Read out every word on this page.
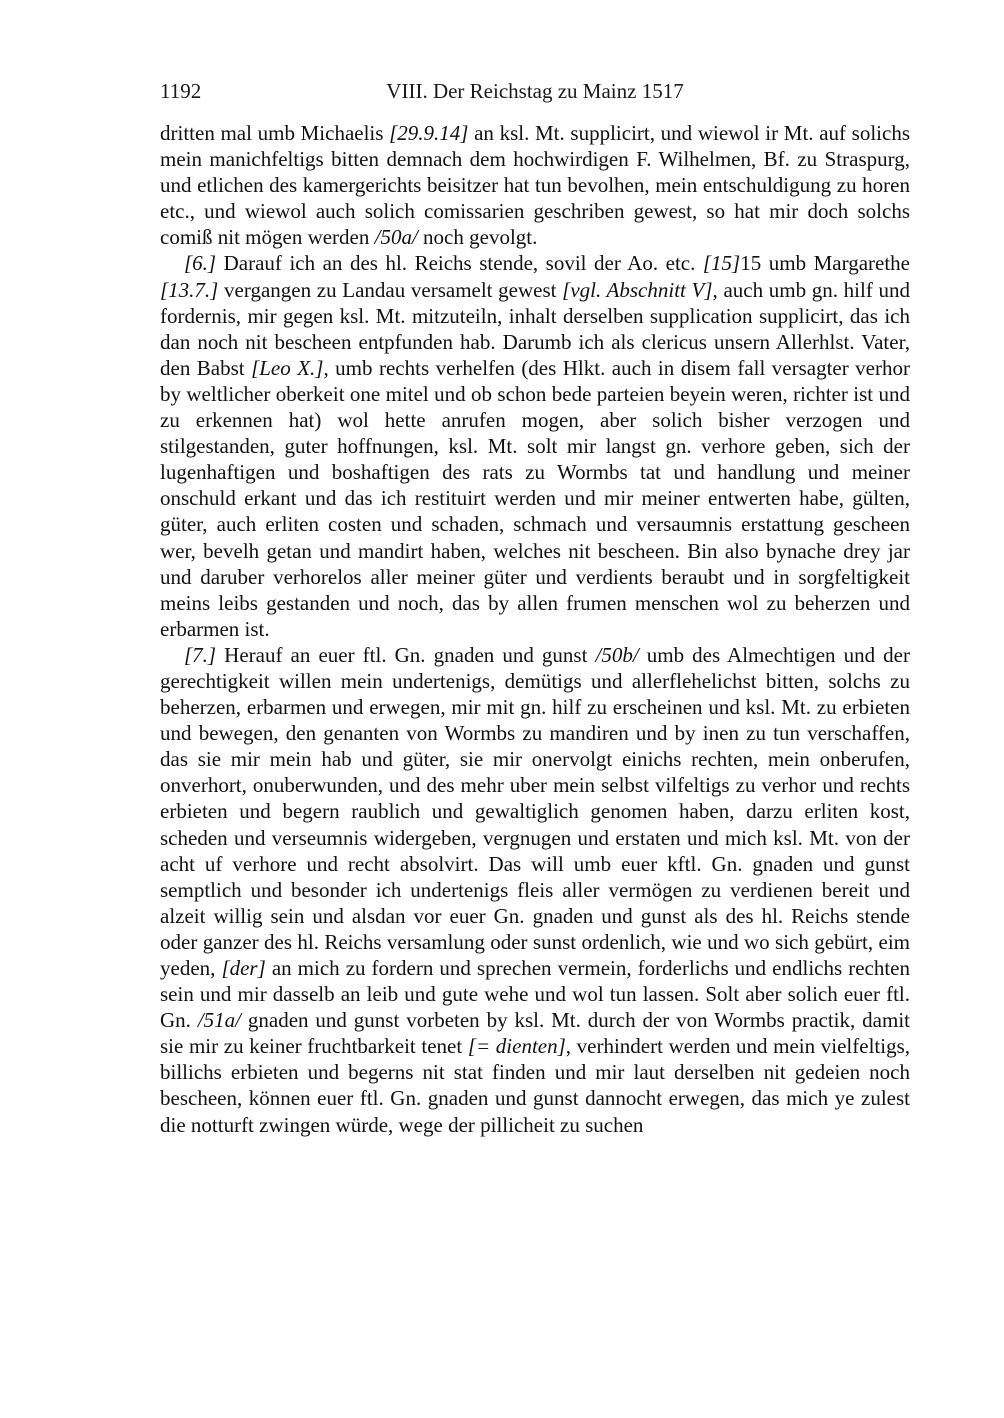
1192	VIII. Der Reichstag zu Mainz 1517

dritten mal umb Michaelis [29.9.14] an ksl. Mt. supplicirt, und wiewol ir Mt. auf solichs mein manichfeltigs bitten demnach dem hochwirdigen F. Wilhelmen, Bf. zu Straspurg, und etlichen des kamergerichts beisitzer hat tun bevolhen, mein entschuldigung zu horen etc., und wiewol auch solich comissarien geschriben gewest, so hat mir doch solchs comiß nit mögen werden /50a/ noch gevolgt.

[6.] Darauf ich an des hl. Reichs stende, sovil der Ao. etc. [15]15 umb Margarethe [13.7.] vergangen zu Landau versamelt gewest [vgl. Abschnitt V], auch umb gn. hilf und fordernis, mir gegen ksl. Mt. mitzuteiln, inhalt derselben supplication supplicirt, das ich dan noch nit bescheen entpfunden hab. Darumb ich als clericus unsern Allerhlst. Vater, den Babst [Leo X.], umb rechts verhelfen (des Hlkt. auch in disem fall versagter verhor by weltlicher oberkeit one mitel und ob schon bede parteien beyein weren, richter ist und zu erkennen hat) wol hette anrufen mogen, aber solich bisher verzogen und stilgestanden, guter hoffnungen, ksl. Mt. solt mir langst gn. verhore geben, sich der lugenhaftigen und boshaftigen des rats zu Wormbs tat und handlung und meiner onschuld erkant und das ich restituirt werden und mir meiner entwerten habe, gülten, güter, auch erliten costen und schaden, schmach und versaumnis erstattung gescheen wer, bevelh getan und mandirt haben, welches nit bescheen. Bin also bynache drey jar und daruber verhorelos aller meiner güter und verdients beraubt und in sorgfeltigkeit meins leibs gestanden und noch, das by allen frumen menschen wol zu beherzen und erbarmen ist.

[7.] Herauf an euer ftl. Gn. gnaden und gunst /50b/ umb des Almechtigen und der gerechtigkeit willen mein undertenigs, demütigs und allerflehelichst bitten, solchs zu beherzen, erbarmen und erwegen, mir mit gn. hilf zu erscheinen und ksl. Mt. zu erbieten und bewegen, den genanten von Wormbs zu mandiren und by inen zu tun verschaffen, das sie mir mein hab und güter, sie mir onervolgt einichs rechten, mein onberufen, onverhort, onuberwunden, und des mehr uber mein selbst vilfeltigs zu verhor und rechts erbieten und begern raublich und gewaltiglich genomen haben, darzu erliten kost, scheden und verseumnis widergeben, vergnugen und erstaten und mich ksl. Mt. von der acht uf verhore und recht absolvirt. Das will umb euer kftl. Gn. gnaden und gunst semptlich und besonder ich undertenigs fleis aller vermögen zu verdienen bereit und alzeit willig sein und alsdan vor euer Gn. gnaden und gunst als des hl. Reichs stende oder ganzer des hl. Reichs versamlung oder sunst ordenlich, wie und wo sich gebürt, eim yeden, [der] an mich zu fordern und sprechen vermein, forderlichs und endlichs rechten sein und mir dasselb an leib und gute wehe und wol tun lassen. Solt aber solich euer ftl. Gn. /51a/ gnaden und gunst vorbeten by ksl. Mt. durch der von Wormbs practik, damit sie mir zu keiner fruchtbarkeit tenet [= dienten], verhindert werden und mein vielfeltigs, billichs erbieten und begerns nit stat finden und mir laut derselben nit gedeien noch bescheen, können euer ftl. Gn. gnaden und gunst dannocht erwegen, das mich ye zulest die notturft zwingen würde, wege der pillicheit zu suchen
